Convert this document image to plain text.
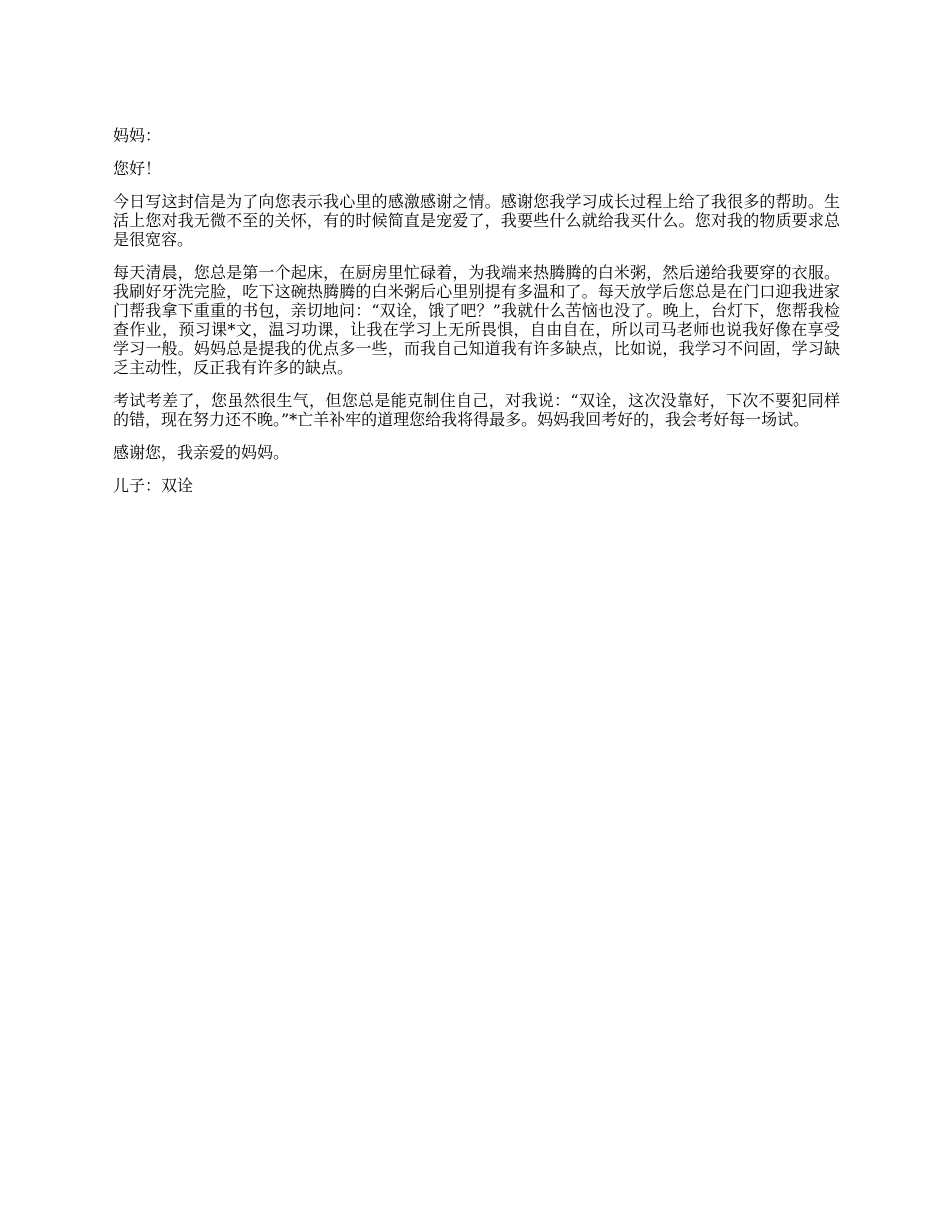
妈妈：

您好！

今日写这封信是为了向您表示我心里的感激感谢之情。感谢您我学习成长过程上给了我很多的帮助。生活上您对我无微不至的关怀，有的时候简直是宠爱了，我要些什么就给我买什么。您对我的物质要求总是很宽容。

每天清晨，您总是第一个起床，在厨房里忙碌着，为我端来热腾腾的白米粥，然后递给我要穿的衣服。我刷好牙洗完脸，吃下这碗热腾腾的白米粥后心里别提有多温和了。每天放学后您总是在门口迎我进家门帮我拿下重重的书包，亲切地问：“双诠，饿了吧？”我就什么苦恼也没了。晚上，台灯下，您帮我检查作业，预习课*文，温习功课，让我在学习上无所畏惧，自由自在，所以司马老师也说我好像在享受学习一般。妈妈总是提我的优点多一些，而我自己知道我有许多缺点，比如说，我学习不问固，学习缺乏主动性，反正我有许多的缺点。

考试考差了，您虽然很生气，但您总是能克制住自己，对我说：“双诠，这次没靠好，下次不要犯同样的错，现在努力还不晚。”*亡羊补牢的道理您给我将得最多。妈妈我回考好的，我会考好每一场试。

感谢您，我亲爱的妈妈。

儿子：双诠
